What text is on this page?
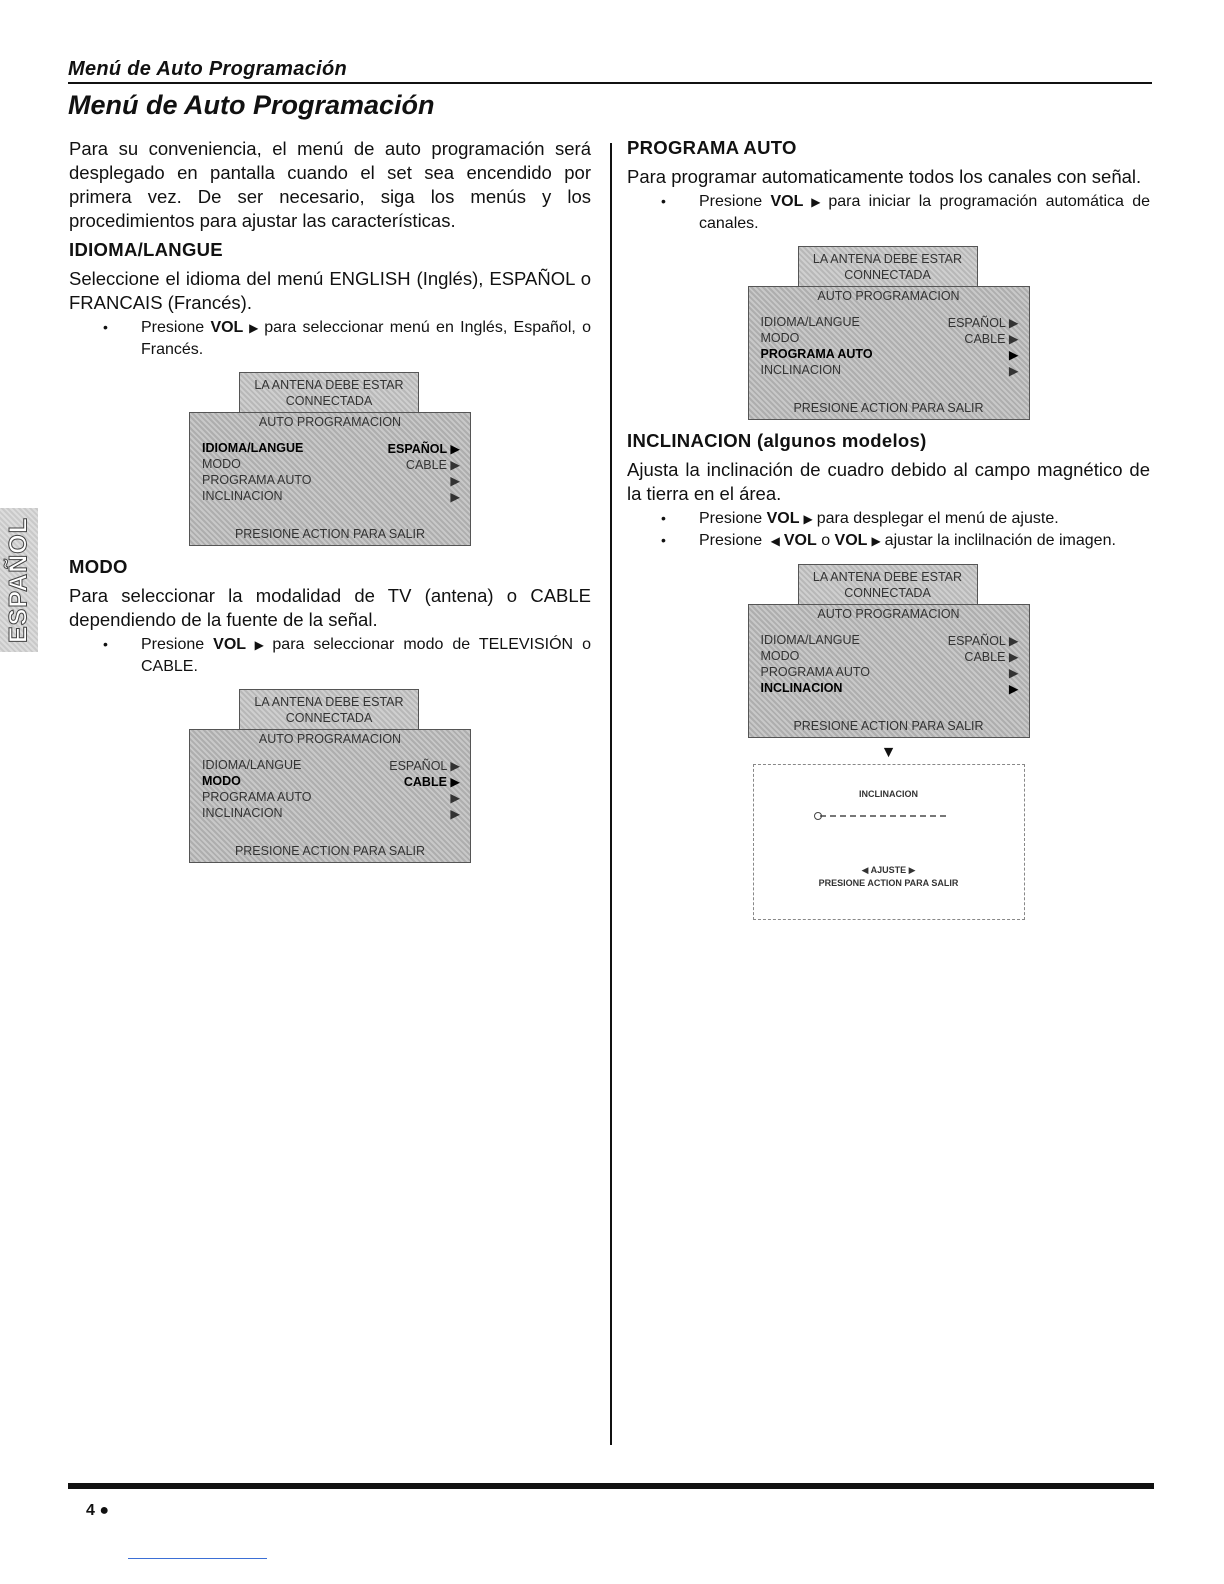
Menú de Auto Programación
Menú de Auto Programación
ESPAÑOL

Para su conveniencia, el menú de auto programación será desplegado en pantalla cuando el set sea encendido por primera vez. De ser necesario, siga los menús y los procedimientos para ajustar las características.

IDIOMA/LANGUE

Seleccione el idioma del menú ENGLISH (Inglés), ESPAÑOL o FRANCAIS (Francés).

• Presione VOL ▶ para seleccionar menú en Inglés, Español, o Francés.
LA ANTENA DEBE ESTAR
CONNECTADA
AUTO PROGRAMACION
IDIOMA/LANGUE	ESPAÑOL ▶
MODO	CABLE ▶
PROGRAMA AUTO	▶
INCLINACION	▶
PRESIONE ACTION PARA SALIR
MODO

Para seleccionar la modalidad de TV (antena) o CABLE dependiendo de la fuente de la señal.

• Presione VOL ▶ para seleccionar modo de TELEVISIÓN o CABLE.
LA ANTENA DEBE ESTAR
CONNECTADA
AUTO PROGRAMACION
IDIOMA/LANGUE	ESPAÑOL ▶
MODO	CABLE ▶
PROGRAMA AUTO	▶
INCLINACION	▶
PRESIONE ACTION PARA SALIR
PROGRAMA AUTO

Para programar automaticamente todos los canales con señal.

• Presione VOL ▶ para iniciar la programación automática de canales.
LA ANTENA DEBE ESTAR
CONNECTADA
AUTO PROGRAMACION
IDIOMA/LANGUE	ESPAÑOL ▶
MODO	CABLE ▶
PROGRAMA AUTO	▶
INCLINACION	▶
PRESIONE ACTION PARA SALIR
INCLINACION (algunos modelos)

Ajusta la inclinación de cuadro debido al campo magnético de la tierra en el área.

• Presione VOL ▶ para desplegar el menú de ajuste.
• Presione ◀ VOL o VOL ▶ ajustar la inclilnación de imagen.
LA ANTENA DEBE ESTAR
CONNECTADA
AUTO PROGRAMACION
IDIOMA/LANGUE	ESPAÑOL ▶
MODO	CABLE ▶
PROGRAMA AUTO	▶
INCLINACION	▶
PRESIONE ACTION PARA SALIR
▼
INCLINACION
◀ AJUSTE ▶
PRESIONE ACTION PARA SALIR
4 ●
